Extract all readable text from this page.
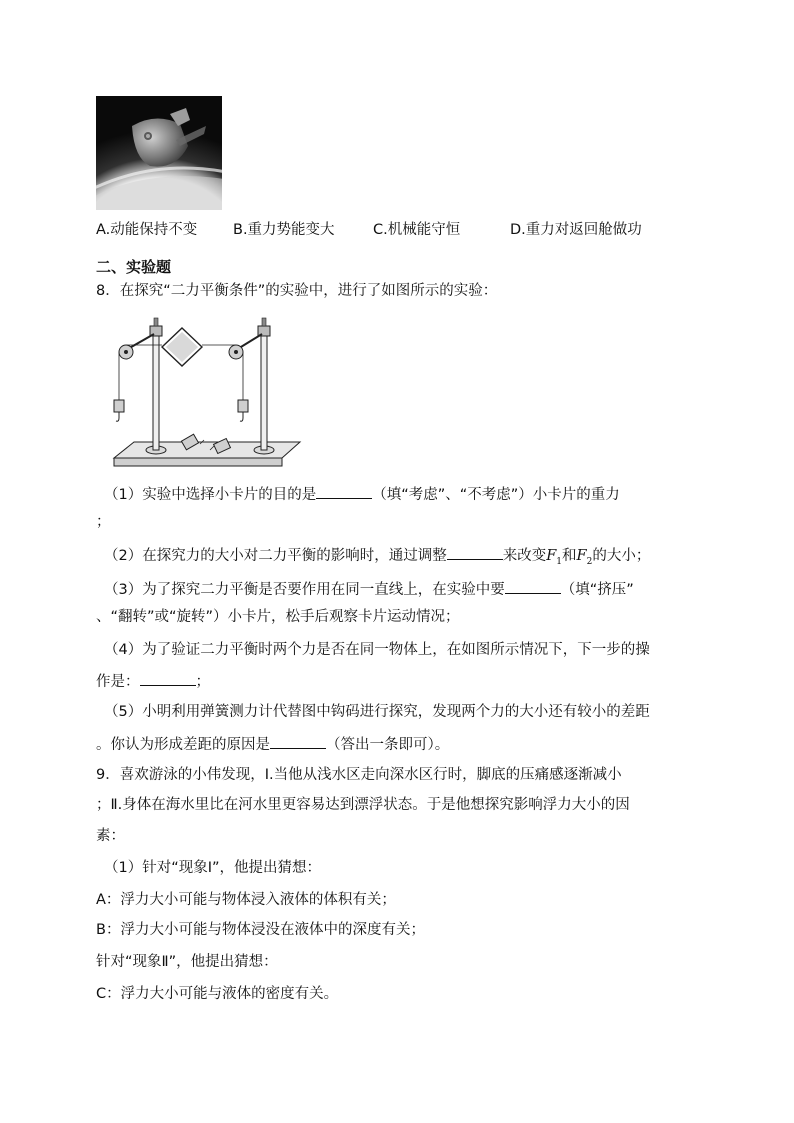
A.动能保持不变 B.重力势能变大	C.机械能守恒	D.重力对返回舱做功
二、实验题
8．在探究“二力平衡条件”的实验中，进行了如图所示的实验：
（1）实验中选择小卡片的目的是	（填“考虑”、“不考虑”）小卡片的重力
；
（2）在探究力的大小对二力平衡的影响时，通过调整	来改变$F_1$和$F_2$的大小；
（3）为了探究二力平衡是否要作用在同一直线上，在实验中要	（填“挤压”
、“翻转”或“旋转”）小卡片，松手后观察卡片运动情况；
（4）为了验证二力平衡时两个力是否在同一物体上，在如图所示情况下，下一步的操
作是：	；
（5）小明利用弹簧测力计代替图中钩码进行探究，发现两个力的大小还有较小的差距
。你认为形成差距的原因是	（答出一条即可）。
9．喜欢游泳的小伟发现，Ⅰ.当他从浅水区走向深水区行时，脚底的压痛感逐渐减小
；Ⅱ.身体在海水里比在河水里更容易达到漂浮状态。于是他想探究影响浮力大小的因
素：
（1）针对“现象Ⅰ”，他提出猜想：
A：浮力大小可能与物体浸入液体的体积有关；
B：浮力大小可能与物体浸没在液体中的深度有关；
针对“现象Ⅱ”，他提出猜想：
C：浮力大小可能与液体的密度有关。
